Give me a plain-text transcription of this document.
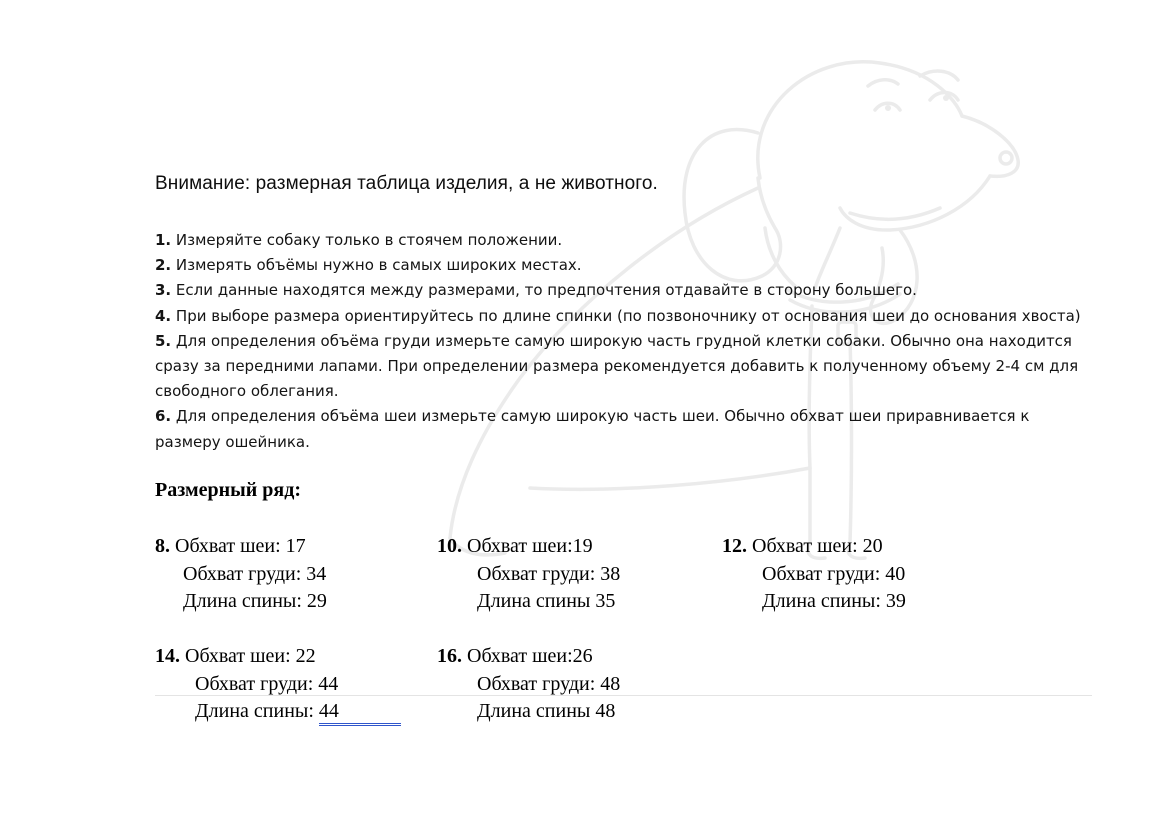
Внимание: размерная таблица изделия, а не животного.

1. Измеряйте собаку только в стоячем положении.

2. Измерять объёмы нужно в самых широких местах.

3. Если данные находятся между размерами, то предпочтения отдавайте в сторону большего.

4. При выборе размера ориентируйтесь по длине спинки (по позвоночнику от основания шеи до основания хвоста)

5. Для определения объёма груди измерьте самую широкую часть грудной клетки собаки. Обычно она находится сразу за передними лапами. При определении размера рекомендуется добавить к полученному объему 2-4 см для свободного облегания.

6. Для определения объёма шеи измерьте самую широкую часть шеи. Обычно обхват шеи приравнивается к размеру ошейника.

Размерный ряд:
8. Обхват шеи: 17
Обхват груди: 34
Длина спины: 29
10. Обхват шеи:19
Обхват груди: 38
Длина спины 35
12. Обхват шеи: 20
Обхват груди: 40
Длина спины: 39
14. Обхват шеи: 22
Обхват груди: 44
Длина спины: 44
16. Обхват шеи:26
Обхват груди: 48
Длина спины 48
